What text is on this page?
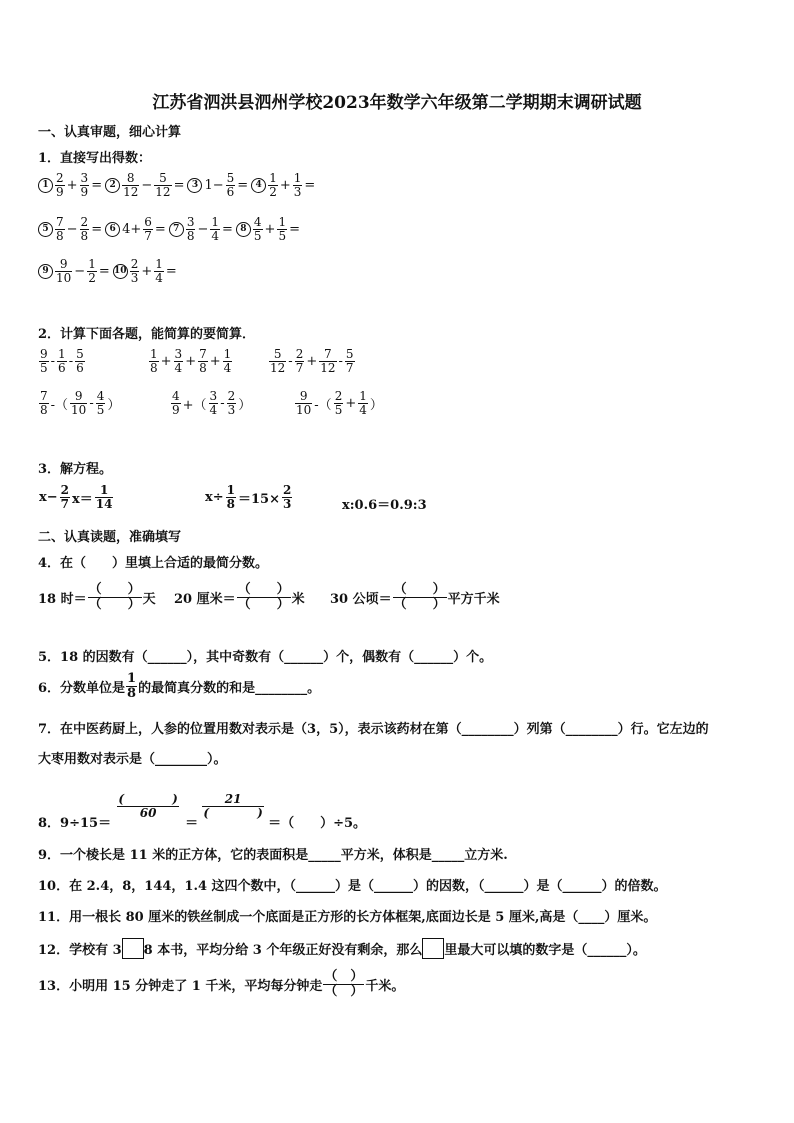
江苏省泗洪县泗州学校2023年数学六年级第二学期期末调研试题
一、认真审题，细心计算
1．直接写出得数：
$1 \frac{2}{9} + \frac{3}{9} = 2 \frac{8}{12} - \frac{5}{12} = 3$ $1- \frac{5}{6} = 4 \frac{1}{2} + \frac{1}{3}$ =
$5 \frac{7}{8} - \frac{2}{8} = 6$ $4+ \frac{6}{7} = 7 \frac{3}{8} - \frac{1}{4} = 8 \frac{4}{5} + \frac{1}{5}$ =
$9 \frac{9}{10} - \frac{1}{2} = 10 \frac{2}{3} + \frac{1}{4}$ =
2．计算下面各题，能简算的要简算．
$\frac{9}{5} - \frac{1}{6} - \frac{5}{6}$	$\frac{1}{8} + \frac{3}{4} + \frac{7}{8} + \frac{1}{4}$	$\frac{5}{12} - \frac{2}{7} + \frac{7}{12} - \frac{5}{7}$
$\frac{7}{8}$ -（ $\frac{9}{10} - \frac{4}{5}$ ）	$\frac{4}{9}$ +（ $\frac{3}{4} - \frac{2}{3}$ ）	$\frac{9}{10}$ -（ $\frac{2}{5} + \frac{1}{4}$ ）
3．解方程。
$x- \frac{2}{7} x= \frac{1}{14}$	$x\div \frac{1}{8} =15\times \frac{2}{3}$	x:0.6＝0.9:3
二、认真读题，准确填写
4．在（　　）里填上合适的最简分数。
18 时＝ $\frac{( )}{( )}$ 天 20 厘米＝ $\frac{( )}{( )}$ 米 30 公顷＝ $\frac{( )}{( )}$ 平方千米
5．18 的因数有（______），其中奇数有（______）个，偶数有（______）个。
6．分数单位是 $\frac{1}{8}$ 的最简真分数的和是________。
7．在中医药厨上，人参的位置用数对表示是（3，5），表示该药材在第（________）列第（________）行。它左边的
大枣用数对表示是（________）。
8．9÷15＝
$\frac{( )}{60}$
＝
$\frac{21}{( )}$
＝（　　）÷5。
9．一个棱长是 11 米的正方体，它的表面积是_____平方米，体积是_____立方米.
10．在 2.4，8，144，1.4 这四个数中，（______）是（______）的因数，（______）是（______）的倍数。
11．用一根长 80 厘米的铁丝制成一个底面是正方形的长方体框架,底面边长是 5 厘米,高是（____）厘米。
12．学校有 3 8 本书，平均分给 3 个年级正好没有剩余，那么 里最大可以填的数字是（______）。
13．小明用 15 分钟走了 1 千米，平均每分钟走 $\frac{( )}{( )}$ 千米。
